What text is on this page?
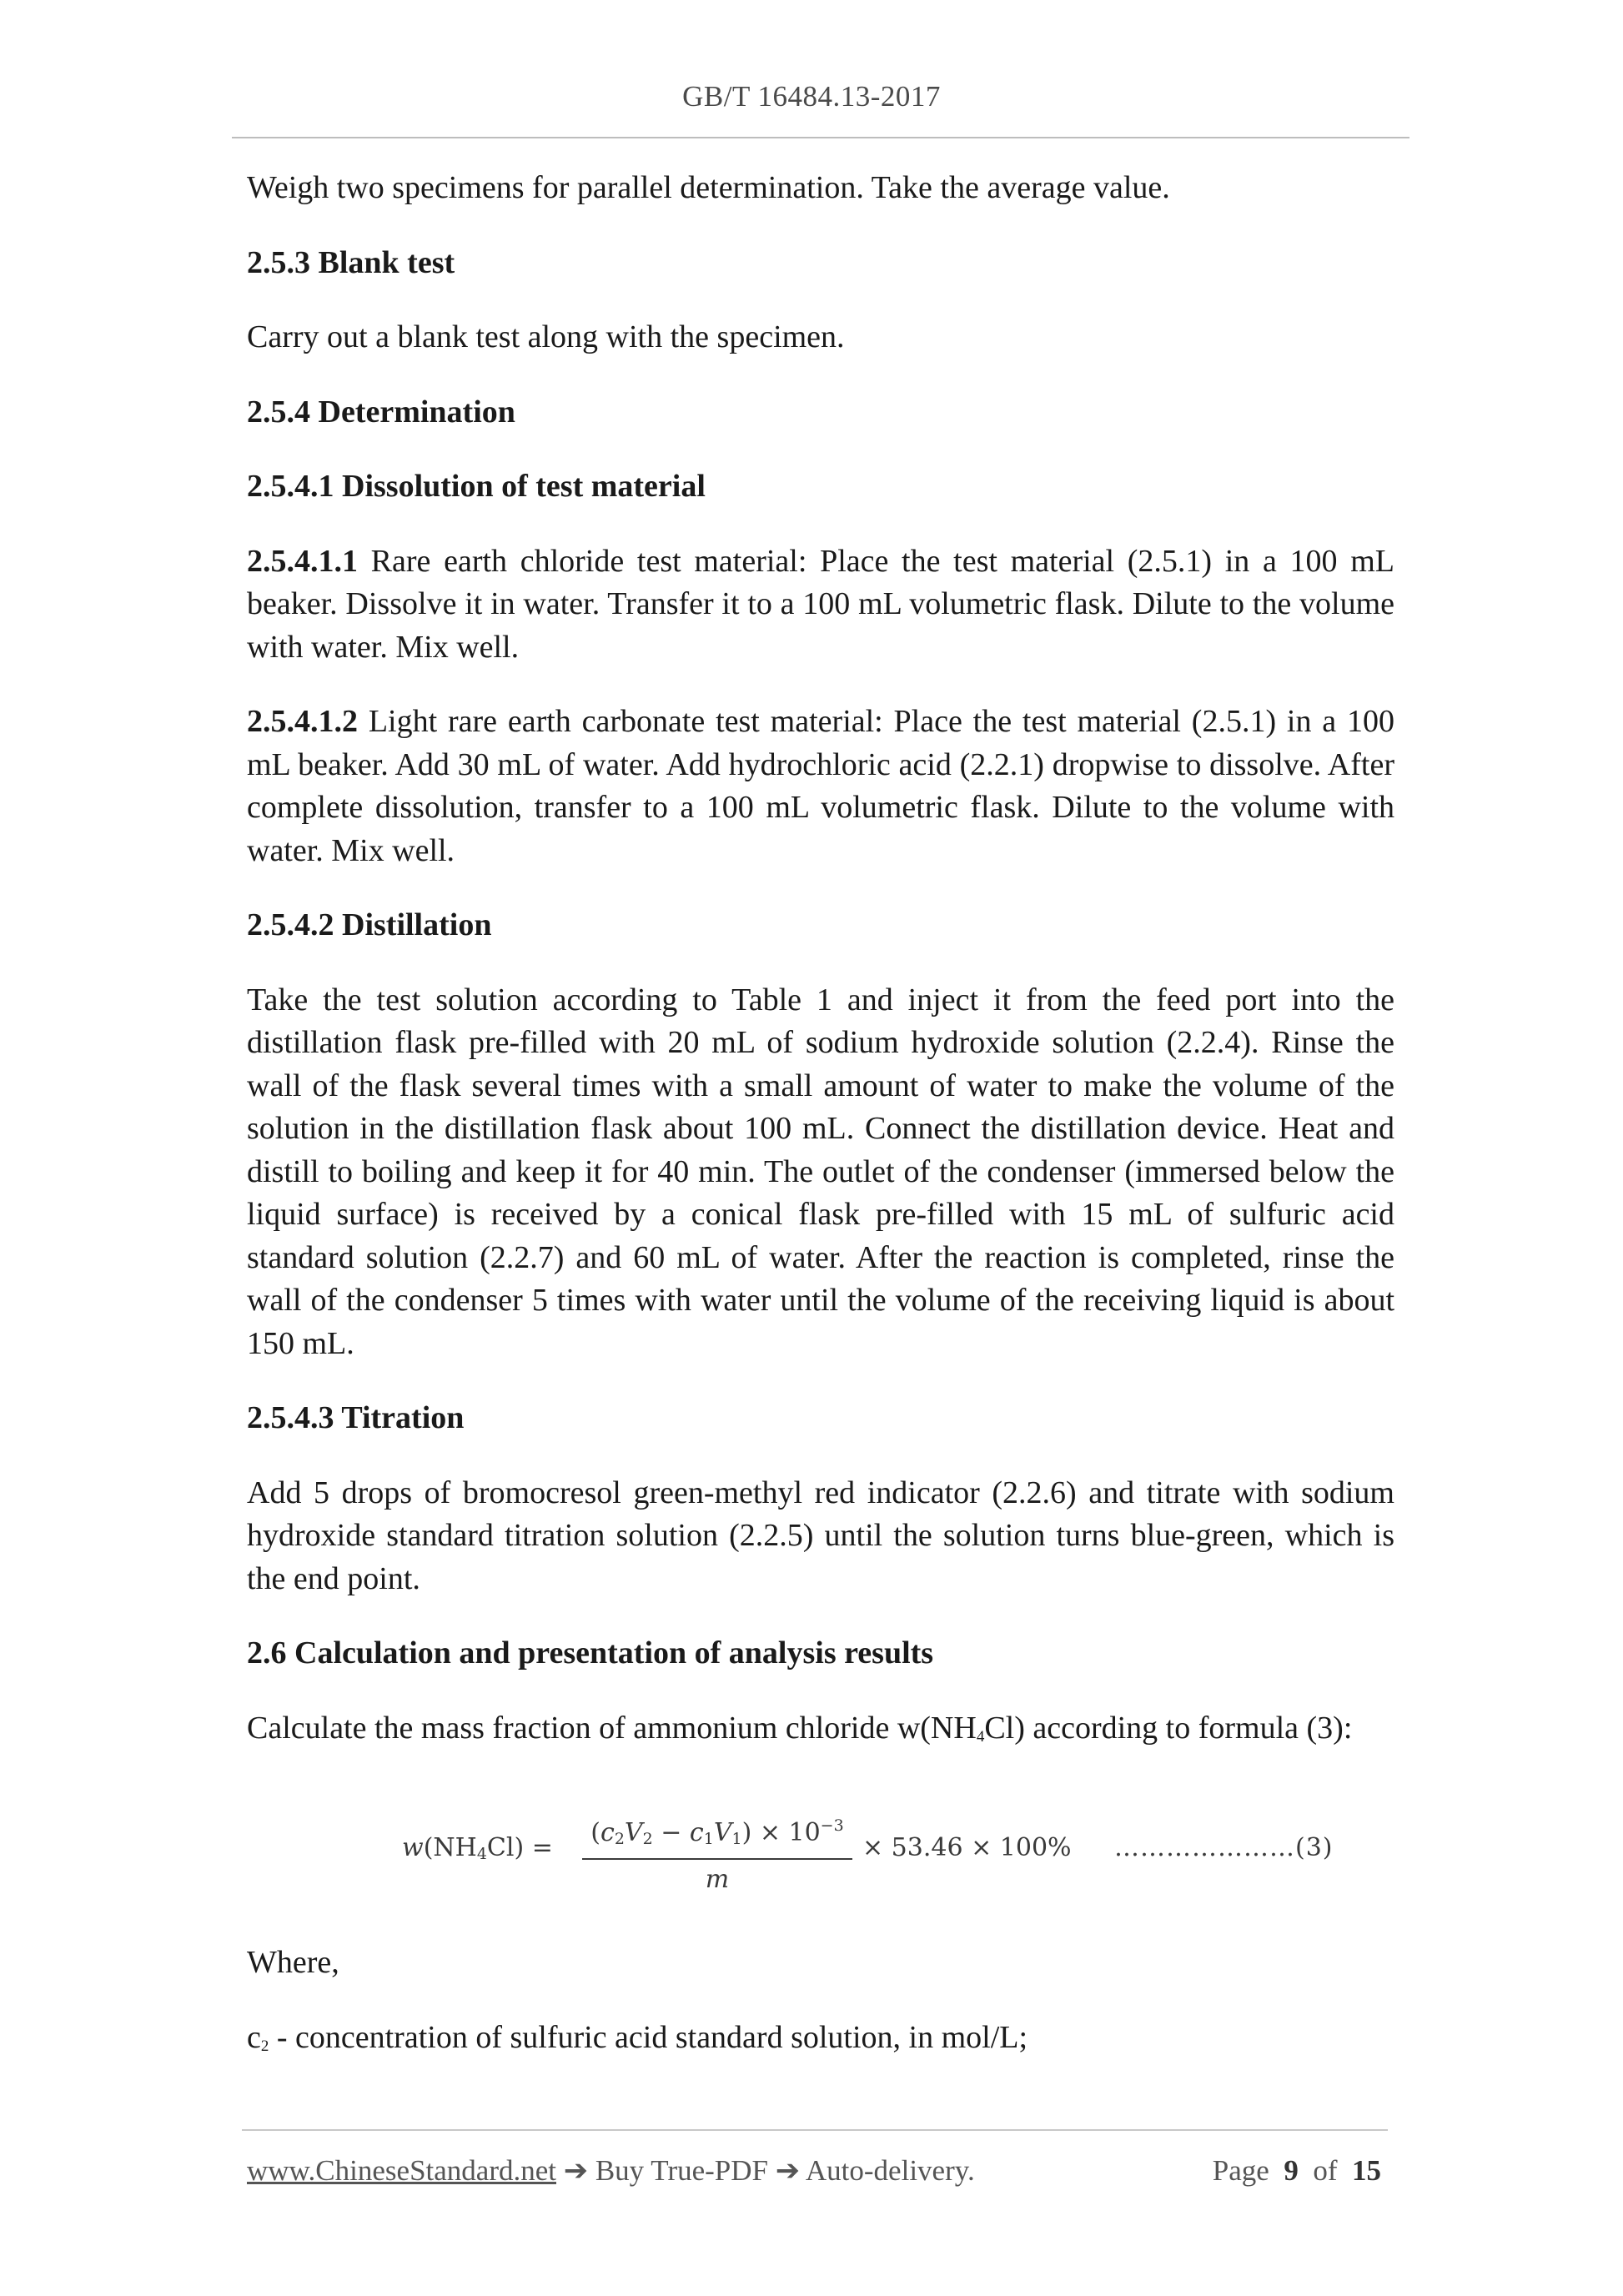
GB/T 16484.13-2017

Weigh two specimens for parallel determination. Take the average value.

2.5.3 Blank test

Carry out a blank test along with the specimen.

2.5.4 Determination

2.5.4.1 Dissolution of test material

2.5.4.1.1 Rare earth chloride test material: Place the test material (2.5.1) in a 100 mL beaker. Dissolve it in water. Transfer it to a 100 mL volumetric flask. Dilute to the volume with water. Mix well.

2.5.4.1.2 Light rare earth carbonate test material: Place the test material (2.5.1) in a 100 mL beaker. Add 30 mL of water. Add hydrochloric acid (2.2.1) dropwise to dissolve. After complete dissolution, transfer to a 100 mL volumetric flask. Dilute to the volume with water. Mix well.

2.5.4.2 Distillation

Take the test solution according to Table 1 and inject it from the feed port into the distillation flask pre-filled with 20 mL of sodium hydroxide solution (2.2.4). Rinse the wall of the flask several times with a small amount of water to make the volume of the solution in the distillation flask about 100 mL. Connect the distillation device. Heat and distill to boiling and keep it for 40 min. The outlet of the condenser (immersed below the liquid surface) is received by a conical flask pre-filled with 15 mL of sulfuric acid standard solution (2.2.7) and 60 mL of water. After the reaction is completed, rinse the wall of the condenser 5 times with water until the volume of the receiving liquid is about 150 mL.

2.5.4.3 Titration

Add 5 drops of bromocresol green-methyl red indicator (2.2.6) and titrate with sodium hydroxide standard titration solution (2.2.5) until the solution turns blue-green, which is the end point.

2.6 Calculation and presentation of analysis results

Calculate the mass fraction of ammonium chloride $w(NH_4Cl)$ according to formula (3):

$w(NH_4Cl)$ =
$(c_2V_2 - c_1V_1) \times 10^{-3}$
m
× 53.46 × 100% …………………(3)

Where,

$c_2$ - concentration of sulfuric acid standard solution, in mol/L;

www.ChineseStandard.net ➔ Buy True-PDF ➔ Auto-delivery.	Page 9 of 15
